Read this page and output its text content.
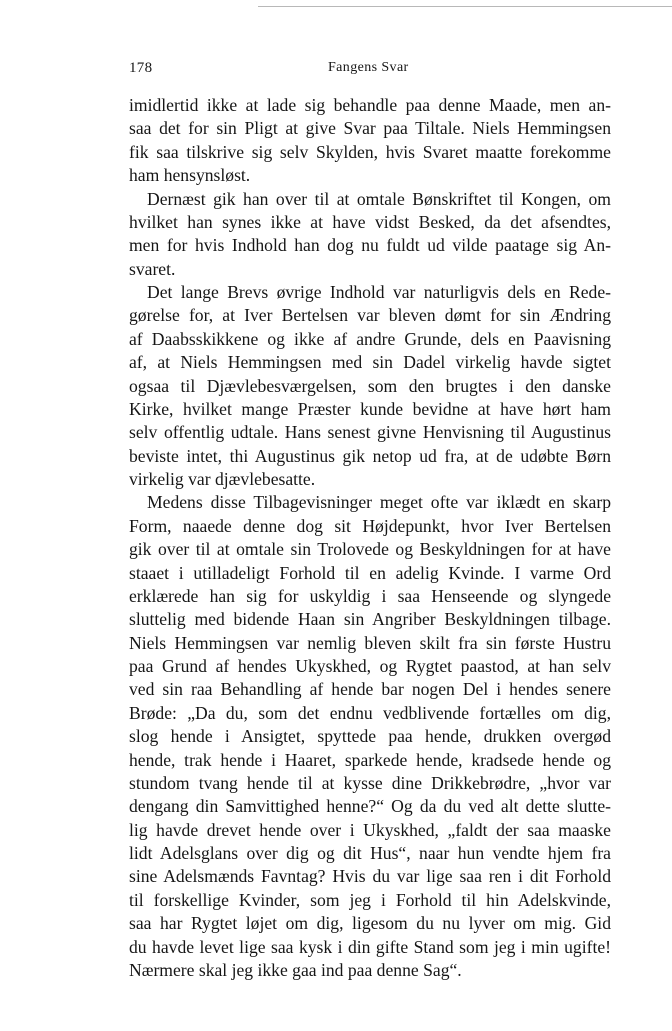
178	Fangens Svar
imidlertid ikke at lade sig behandle paa denne Maade, men an-
saa det for sin Pligt at give Svar paa Tiltale. Niels Hemmingsen
fik saa tilskrive sig selv Skylden, hvis Svaret maatte forekomme
ham hensynsløst.
Dernæst gik han over til at omtale Bønskriftet til Kongen, om
hvilket han synes ikke at have vidst Besked, da det afsendtes,
men for hvis Indhold han dog nu fuldt ud vilde paatage sig An-
svaret.
Det lange Brevs øvrige Indhold var naturligvis dels en Rede-
gørelse for, at Iver Bertelsen var bleven dømt for sin Ændring
af Daabsskikkene og ikke af andre Grunde, dels en Paavisning
af, at Niels Hemmingsen med sin Dadel virkelig havde sigtet
ogsaa til Djævlebesværgelsen, som den brugtes i den danske
Kirke, hvilket mange Præster kunde bevidne at have hørt ham
selv offentlig udtale. Hans senest givne Henvisning til Augustinus
beviste intet, thi Augustinus gik netop ud fra, at de udøbte Børn
virkelig var djævlebesatte.
Medens disse Tilbagevisninger meget ofte var iklædt en skarp
Form, naaede denne dog sit Højdepunkt, hvor Iver Bertelsen
gik over til at omtale sin Trolovede og Beskyldningen for at have
staaet i utilladeligt Forhold til en adelig Kvinde. I varme Ord
erklærede han sig for uskyldig i saa Henseende og slyngede
sluttelig med bidende Haan sin Angriber Beskyldningen tilbage.
Niels Hemmingsen var nemlig bleven skilt fra sin første Hustru
paa Grund af hendes Ukyskhed, og Rygtet paastod, at han selv
ved sin raa Behandling af hende bar nogen Del i hendes senere
Brøde: „Da du, som det endnu vedblivende fortælles om dig,
slog hende i Ansigtet, spyttede paa hende, drukken overgød
hende, trak hende i Haaret, sparkede hende, kradsede hende og
stundom tvang hende til at kysse dine Drikkebrødre, „hvor var
dengang din Samvittighed henne?“ Og da du ved alt dette slutte-
lig havde drevet hende over i Ukyskhed, „faldt der saa maaske
lidt Adelsglans over dig og dit Hus“, naar hun vendte hjem fra
sine Adelsmænds Favntag? Hvis du var lige saa ren i dit Forhold
til forskellige Kvinder, som jeg i Forhold til hin Adelskvinde,
saa har Rygtet løjet om dig, ligesom du nu lyver om mig. Gid
du havde levet lige saa kysk i din gifte Stand som jeg i min ugifte!
Nærmere skal jeg ikke gaa ind paa denne Sag“.
